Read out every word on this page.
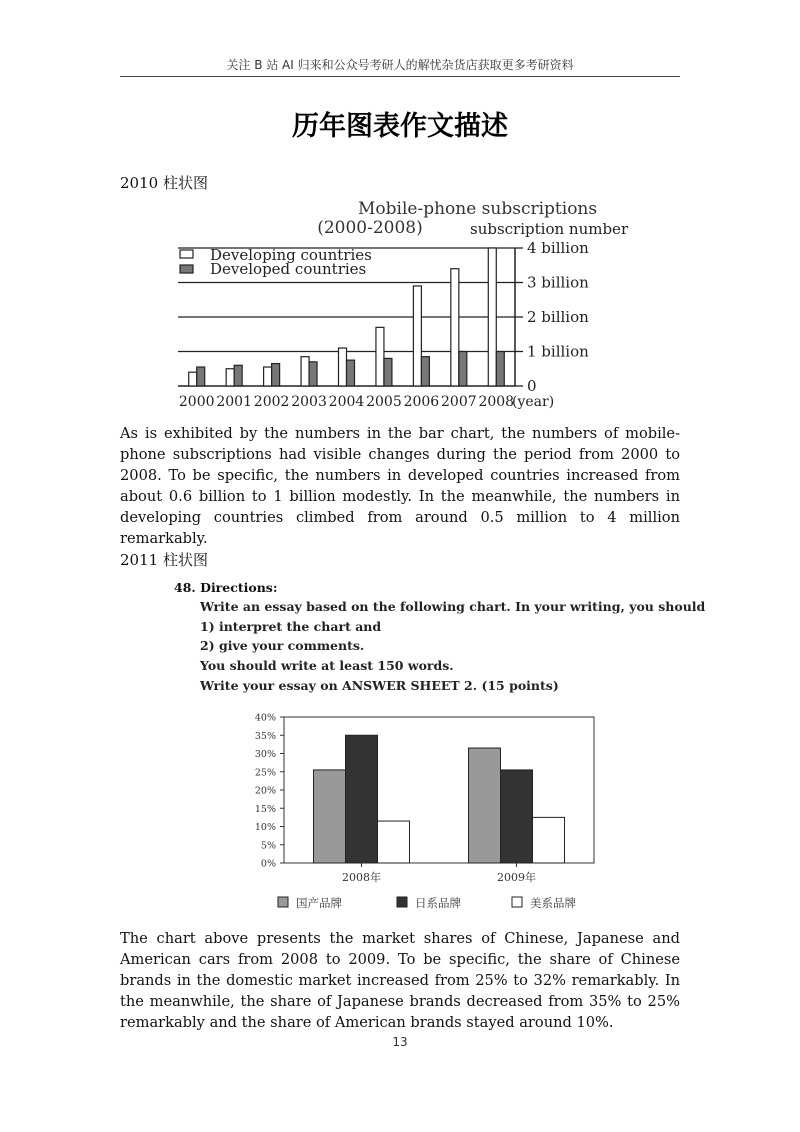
关注 B 站 AI 归来和公众号考研人的解忧杂货店获取更多考研资料
历年图表作文描述
2010 柱状图
Mobile-phone subscriptions
(2000-2008)	subscription number
(year)
Developing countries
Developed countries
0
1 billion
2 billion
3 billion
4 billion
2000 2001 2002 2003 2004 2005 2006 2007 2008
As is exhibited by the numbers in the bar chart, the numbers of mobile-phone subscriptions had visible changes during the period from 2000 to 2008. To be specific, the numbers in developed countries increased from about 0.6 billion to 1 billion modestly. In the meanwhile, the numbers in developing countries climbed from around 0.5 million to 4 million remarkably.
2011 柱状图
48. Directions:
Write an essay based on the following chart. In your writing, you should
1) interpret the chart and
2) give your comments.
You should write at least 150 words.
Write your essay on ANSWER SHEET 2. (15 points)
0%
5%
10%
15%
20%
25%
30%
35%
40%
2008年	2009年
国产品牌	日系品牌	美系品牌
The chart above presents the market shares of Chinese, Japanese and American cars from 2008 to 2009. To be specific, the share of Chinese brands in the domestic market increased from 25% to 32% remarkably. In the meanwhile, the share of Japanese brands decreased from 35% to 25% remarkably and the share of American brands stayed around 10%.
13
